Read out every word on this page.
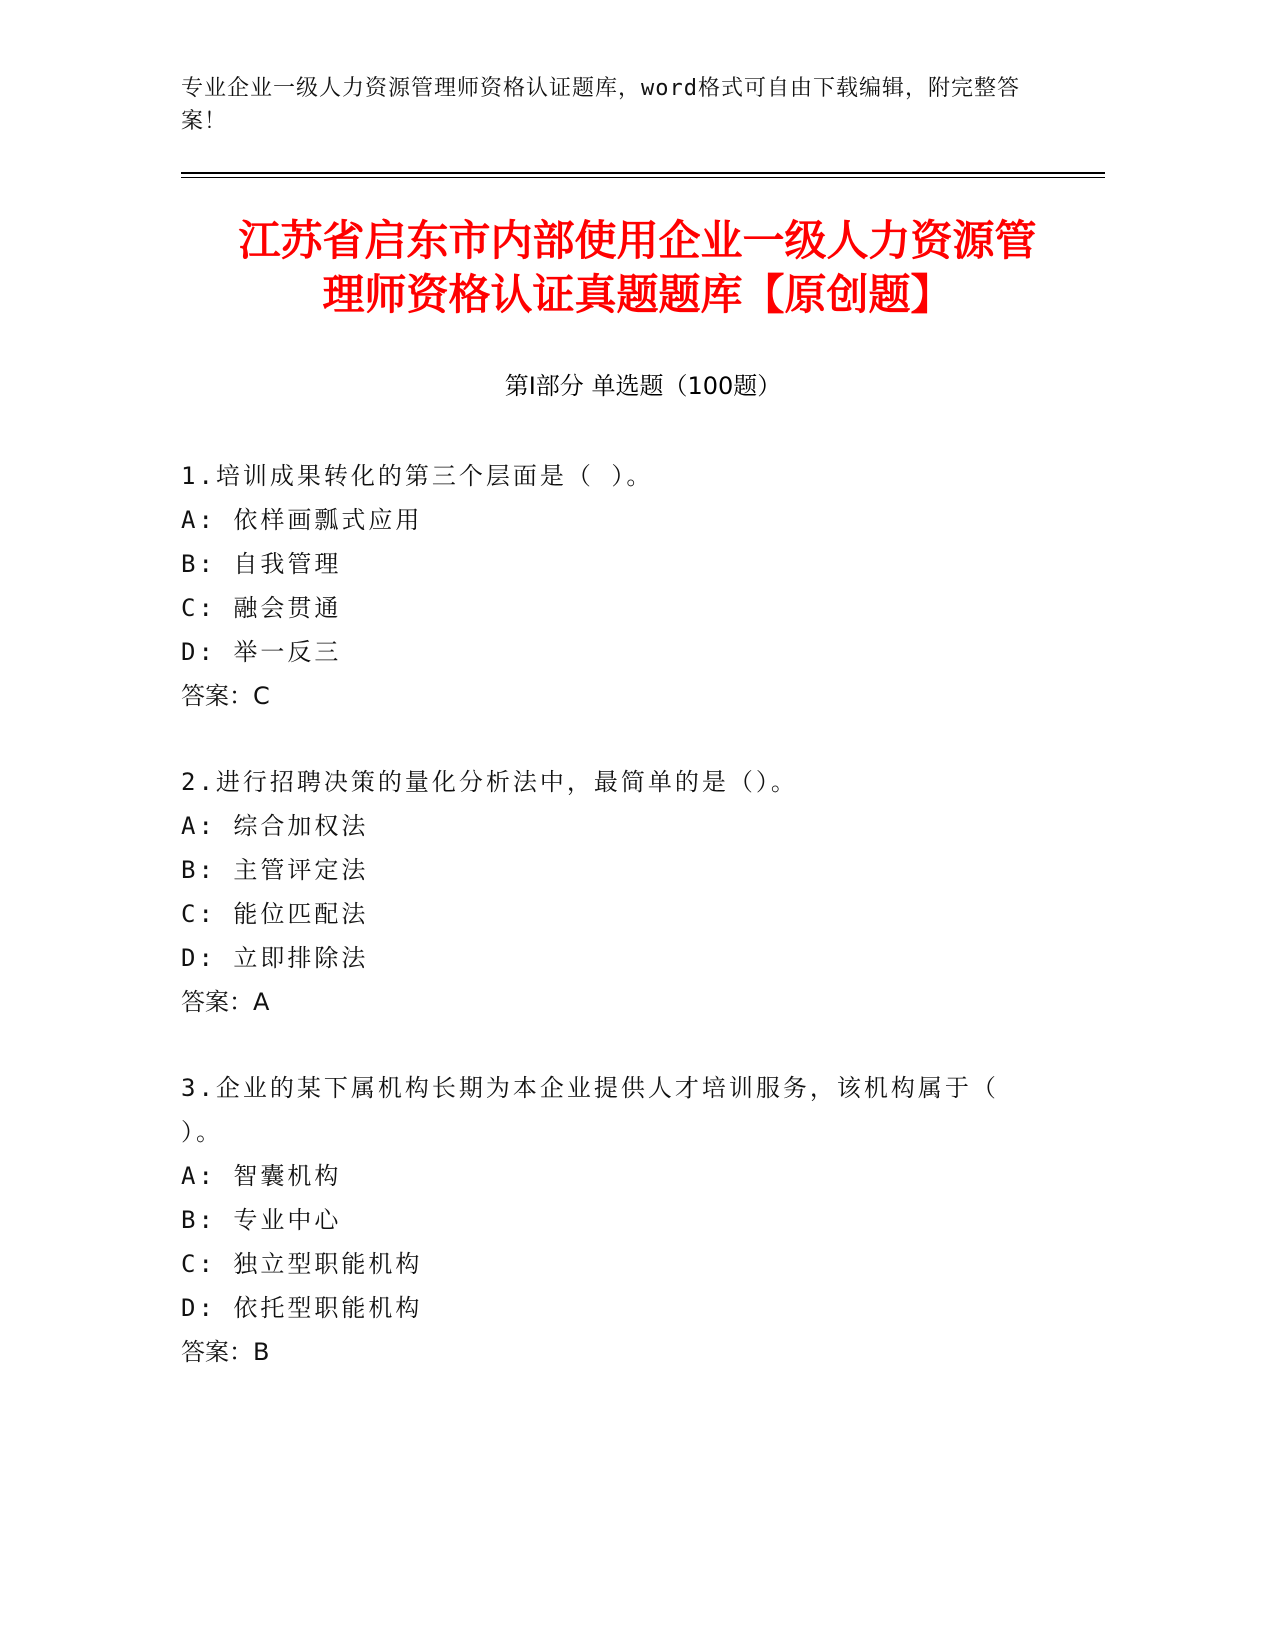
专业企业一级人力资源管理师资格认证题库，word格式可自由下载编辑，附完整答案！
江苏省启东市内部使用企业一级人力资源管
理师资格认证真题题库【原创题】
第Ⅰ部分 单选题（100题）
1.培训成果转化的第三个层面是（ ）。
A: 依样画瓢式应用
B: 自我管理
C: 融会贯通
D: 举一反三
答案：C
2.进行招聘决策的量化分析法中，最简单的是（）。
A: 综合加权法
B: 主管评定法
C: 能位匹配法
D: 立即排除法
答案：A
3.企业的某下属机构长期为本企业提供人才培训服务，该机构属于（ ）。
A: 智囊机构
B: 专业中心
C: 独立型职能机构
D: 依托型职能机构
答案：B
